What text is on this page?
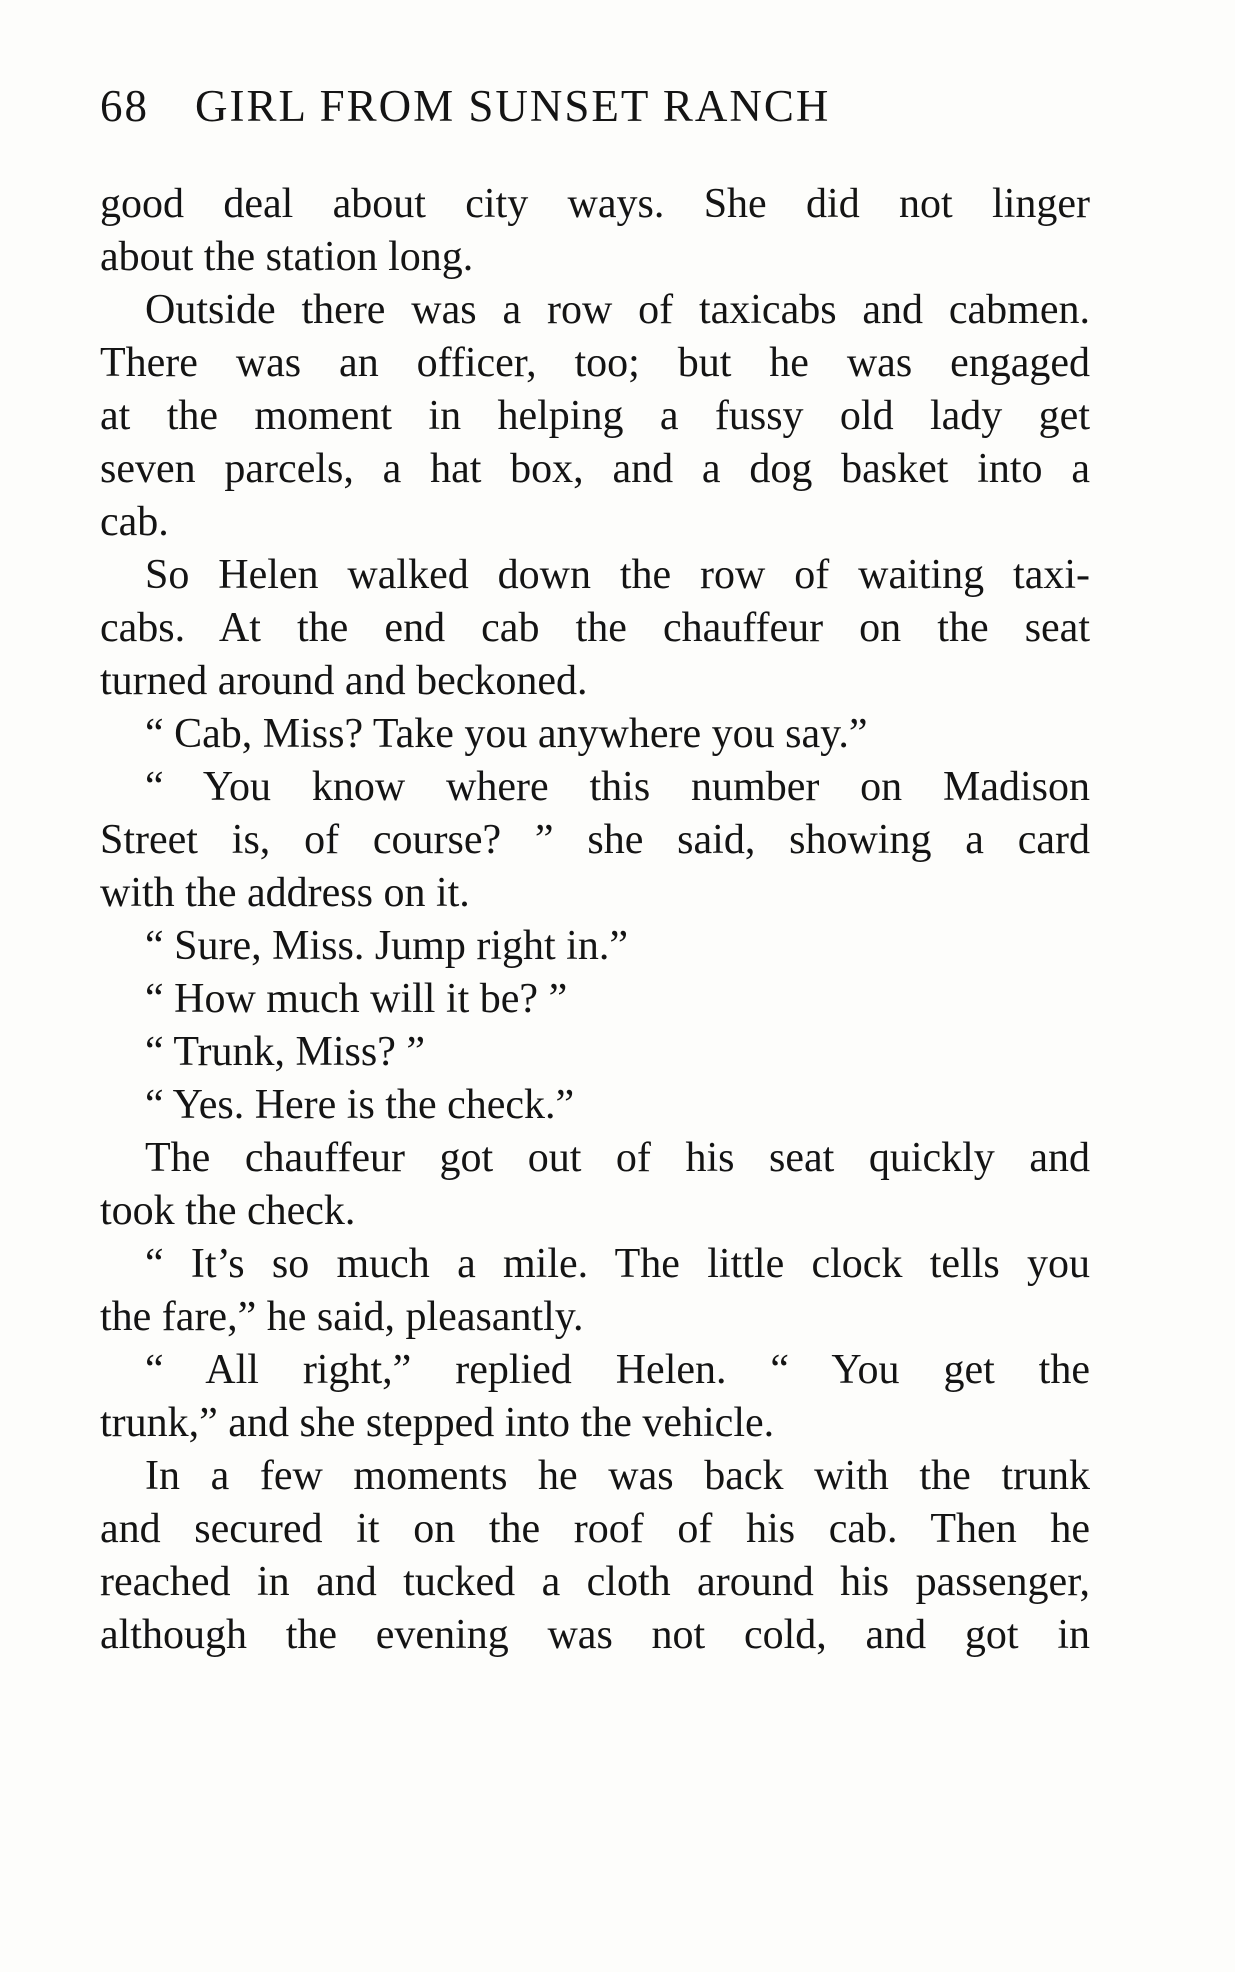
68 GIRL FROM SUNSET RANCH
good deal about city ways. She did not linger
about the station long.
Outside there was a row of taxicabs and cabmen.
There was an officer, too; but he was engaged
at the moment in helping a fussy old lady get
seven parcels, a hat box, and a dog basket into a
cab.
So Helen walked down the row of waiting taxi-
cabs. At the end cab the chauffeur on the seat
turned around and beckoned.
“ Cab, Miss? Take you anywhere you say.”
“ You know where this number on Madison
Street is, of course? ” she said, showing a card
with the address on it.
“ Sure, Miss. Jump right in.”
“ How much will it be? ”
“ Trunk, Miss? ”
“ Yes. Here is the check.”
The chauffeur got out of his seat quickly and
took the check.
“ It’s so much a mile. The little clock tells you
the fare,” he said, pleasantly.
“ All right,” replied Helen. “ You get the
trunk,” and she stepped into the vehicle.
In a few moments he was back with the trunk
and secured it on the roof of his cab. Then he
reached in and tucked a cloth around his passenger,
although the evening was not cold, and got in
